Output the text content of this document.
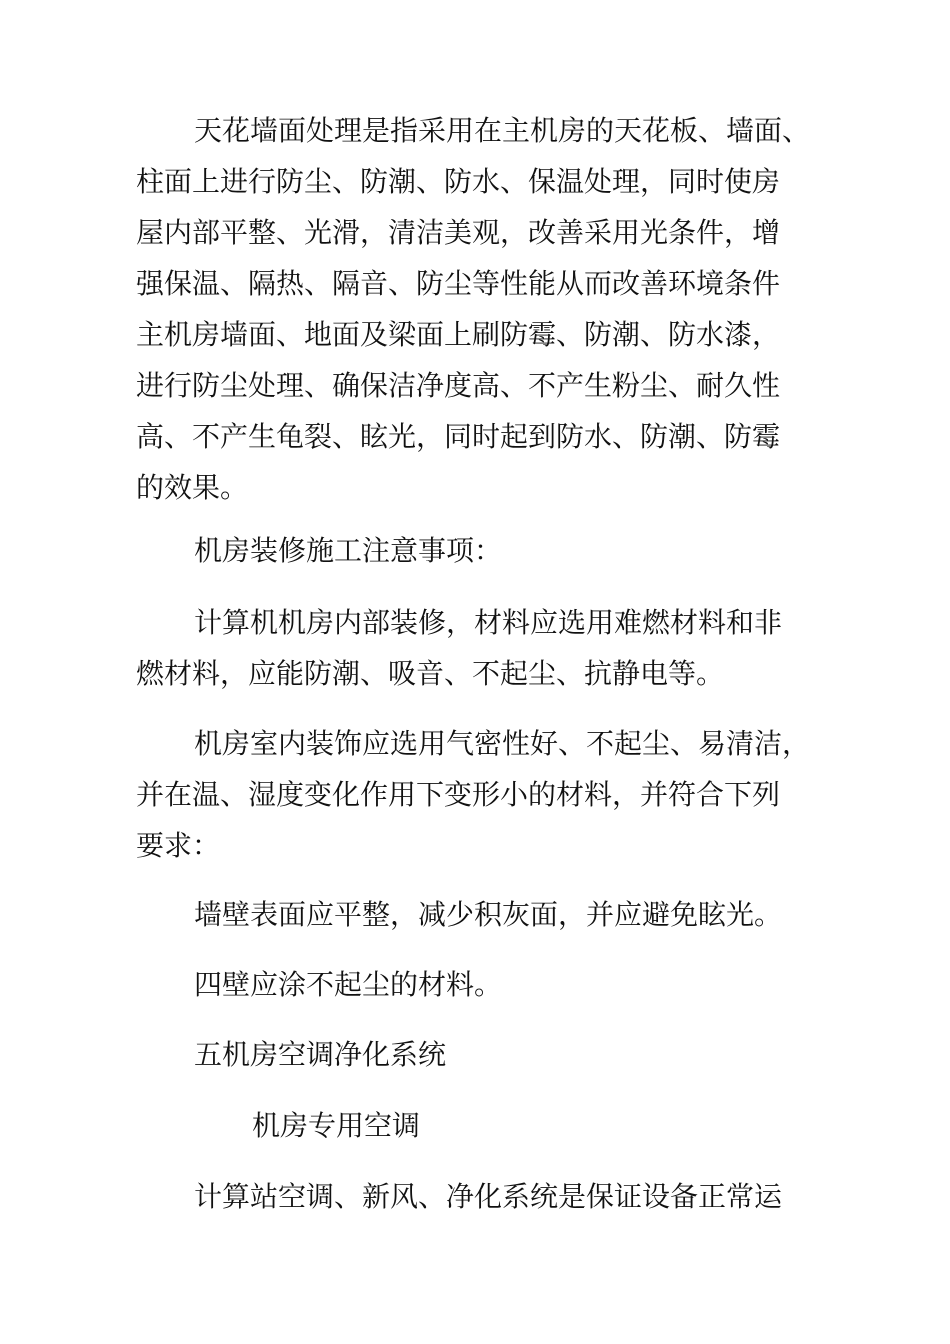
天花墙面处理是指采用在主机房的天花板、墙面、
柱面上进行防尘、防潮、防水、保温处理，同时使房
屋内部平整、光滑，清洁美观，改善采用光条件，增
强保温、隔热、隔音、防尘等性能从而改善环境条件
主机房墙面、地面及梁面上刷防霉、防潮、防水漆，
进行防尘处理、确保洁净度高、不产生粉尘、耐久性
高、不产生龟裂、眩光，同时起到防水、防潮、防霉
的效果。
机房装修施工注意事项：
计算机机房内部装修，材料应选用难燃材料和非
燃材料，应能防潮、吸音、不起尘、抗静电等。
机房室内装饰应选用气密性好、不起尘、易清洁，
并在温、湿度变化作用下变形小的材料，并符合下列
要求：
墙壁表面应平整，减少积灰面，并应避免眩光。
四壁应涂不起尘的材料。
五机房空调净化系统
机房专用空调
计算站空调、新风、净化系统是保证设备正常运
